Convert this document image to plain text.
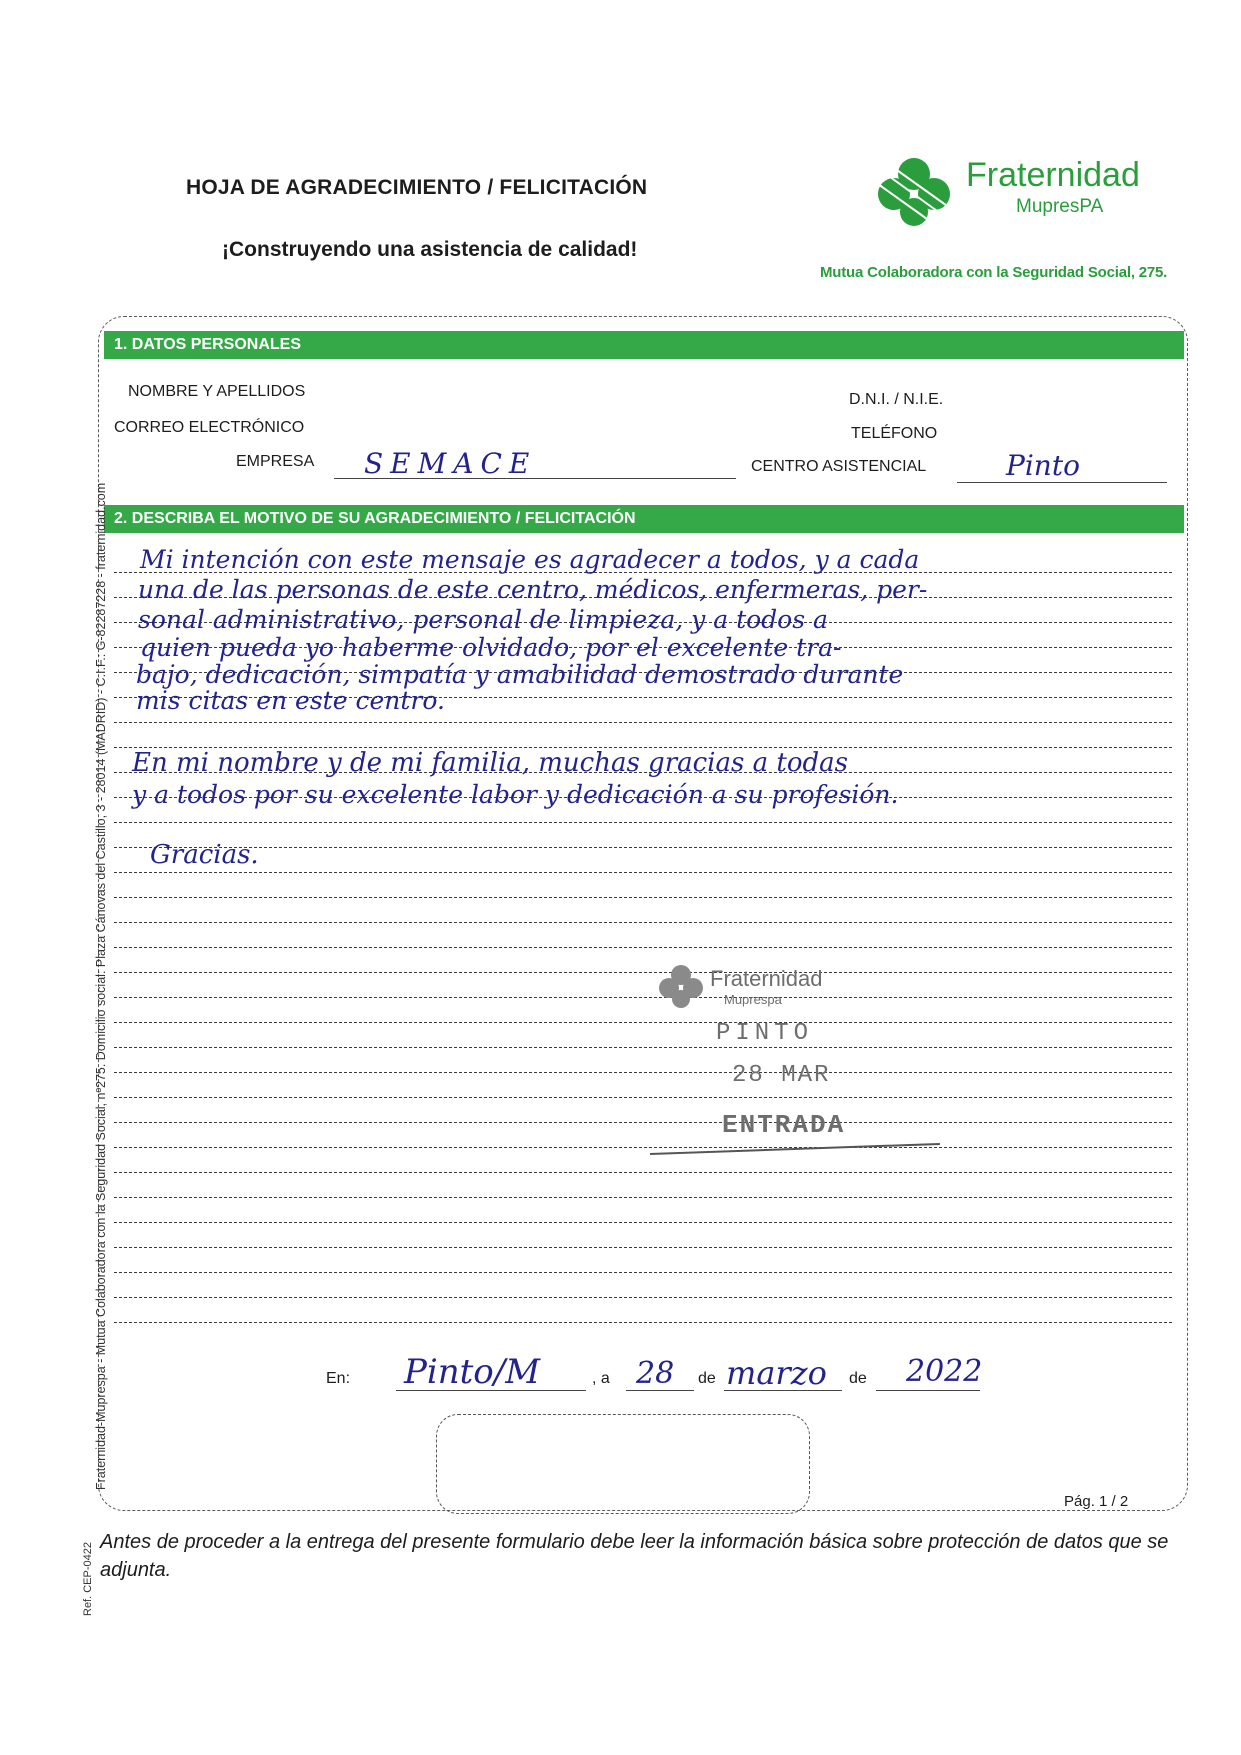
HOJA DE AGRADECIMIENTO / FELICITACIÓN
¡Construyendo una asistencia de calidad!
Fraternidad
MupresPA
Mutua Colaboradora con la Seguridad Social, 275.
1. DATOS PERSONALES
NOMBRE Y APELLIDOS	D.N.I. / N.I.E.
CORREO ELECTRÓNICO	TELÉFONO
EMPRESA SEMACE	CENTRO ASISTENCIAL	Pinto
2. DESCRIBA EL MOTIVO DE SU AGRADECIMIENTO / FELICITACIÓN
Mi intención con este mensaje es agradecer a todos, y a cada
una de las personas de este centro, médicos, enfermeras, per-
sonal administrativo, personal de limpieza, y a todos a
quien pueda yo haberme olvidado, por el excelente tra-
bajo, dedicación, simpatía y amabilidad demostrado durante
mis citas en este centro.
En mi nombre y de mi familia, muchas gracias a todas
y a todos por su excelente labor y dedicación a su profesión.
Gracias.
Fraternidad
Muprespa
PINTO
28 MAR
ENTRADA
En: Pinto/M	, a 28 de marzo de 2022
Pág. 1 / 2
Antes de proceder a la entrega del presente formulario debe leer la información básica sobre protección de datos que se adjunta.
Fraternidad-Muprespa - Mutua Colaboradora con la Seguridad Social, nº275. Domicilio social: Plaza Cánovas del Castillo, 3 - 28014 (MADRID) - C.I.F.: G-82287228 - fraternidad.com
Ref. CEP-0422
